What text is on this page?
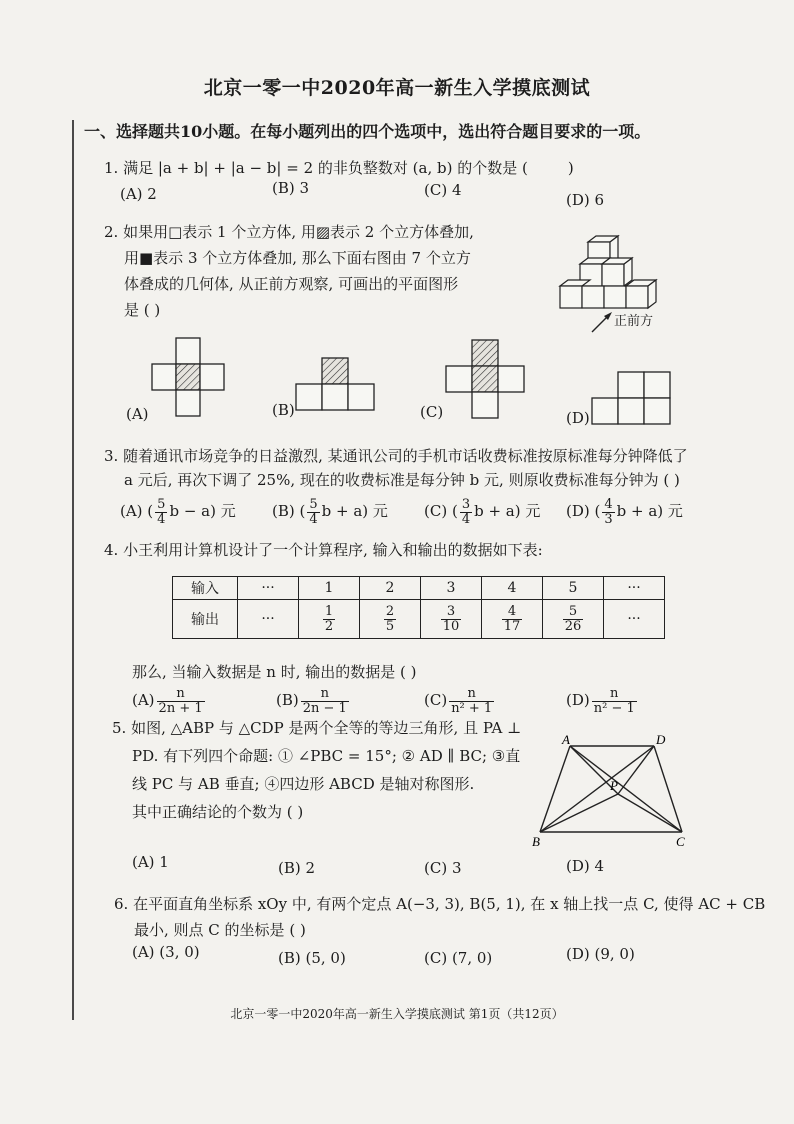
北京一零一中2020年高一新生入学摸底测试
一、选择题共10小题。在每小题列出的四个选项中，选出符合题目要求的一项。
1. 满足 |a + b| + |a − b| = 2 的非负整数对 (a, b) 的个数是 (	)
(A) 2	(B) 3	(C) 4
(D) 6
2. 如果用□表示 1 个立方体, 用▨表示 2 个立方体叠加,
用■表示 3 个立方体叠加, 那么下面右图由 7 个立方
体叠成的几何体, 从正前方观察, 可画出的平面图形
是 ( )
正前方
(A)	(B)	(C)	(D)
3. 随着通讯市场竞争的日益激烈, 某通讯公司的手机市话收费标准按原标准每分钟降低了
a 元后, 再次下调了 25%, 现在的收费标准是每分钟 b 元, 则原收费标准每分钟为 ( )
(A) ( $\frac{5}{4}$ b − a) 元 (B) ( $\frac{5}{4}$ b + a) 元 (C) ( $\frac{3}{4}$ b + a) 元 (D) ( $\frac{4}{3}$ b + a) 元
4. 小王利用计算机设计了一个计算程序, 输入和输出的数据如下表:
输入	···	1	2	3	4	5	···
输出	···	$\frac{1}{2}$	$\frac{2}{5}$	$\frac{3}{10}$	$\frac{4}{17}$	$\frac{5}{26}$	···
那么, 当输入数据是 n 时, 输出的数据是 ( )
$(A) \frac{n}{2n + 1}$	$(B) \frac{n}{2n - 1}$	$(C) \frac{n}{\text{n² + 1}}$	$(D) \frac{n}{\text{n² − 1}}$
5. 如图, △ABP 与 △CDP 是两个全等的等边三角形, 且 PA ⊥
PD. 有下列四个命题: ① ∠PBC = 15°; ② AD ∥ BC; ③直
线 PC 与 AB 垂直; ④四边形 ABCD 是轴对称图形.
其中正确结论的个数为 ( )
A	D
P
B	C
(A) 1	(B) 2	(C) 3	(D) 4
6. 在平面直角坐标系 xOy 中, 有两个定点 A(−3, 3), B(5, 1), 在 x 轴上找一点 C, 使得 AC + CB
最小, 则点 C 的坐标是 ( )
(A) (3, 0)	(B) (5, 0)	(C) (7, 0)	(D) (9, 0)
北京一零一中2020年高一新生入学摸底测试 第1页（共12页）
